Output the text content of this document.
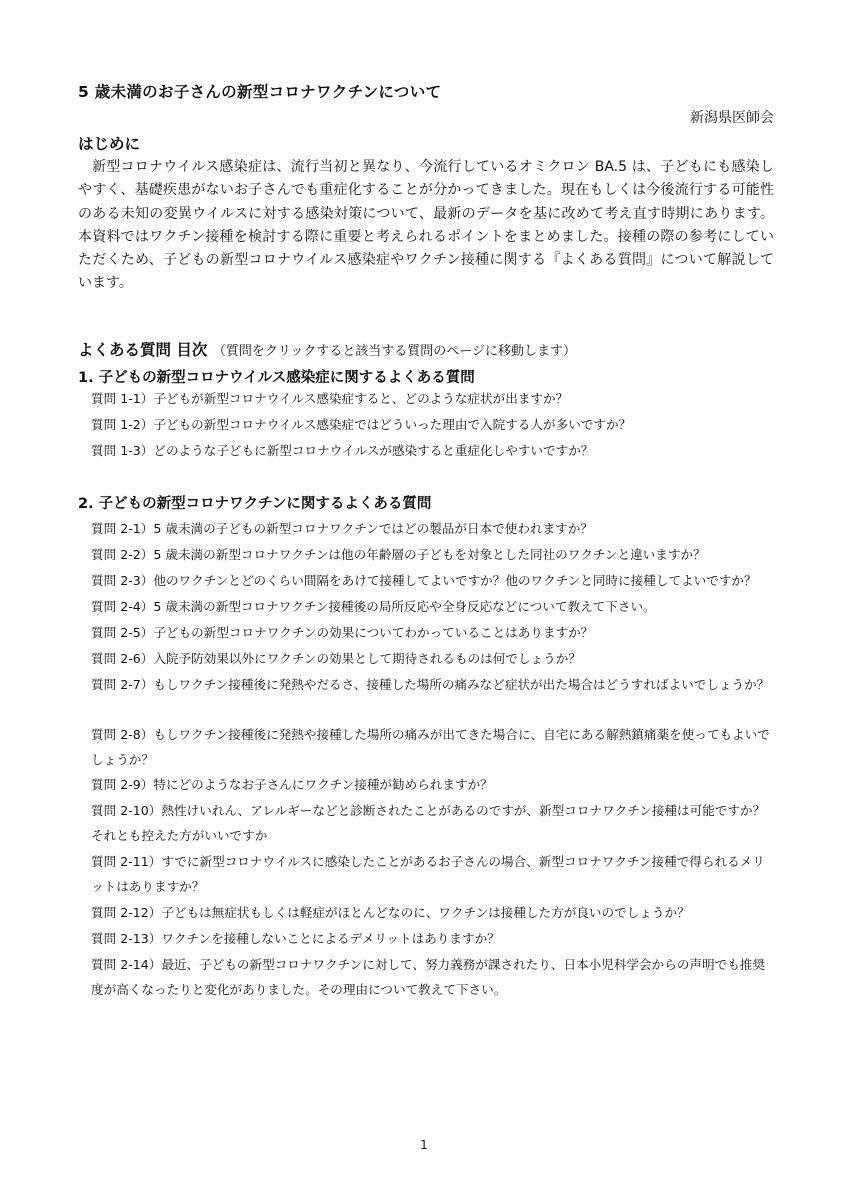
5 歳未満のお子さんの新型コロナワクチンについて
新潟県医師会
はじめに

新型コロナウイルス感染症は、流行当初と異なり、今流行しているオミクロン BA.5 は、子どもにも感染しやすく、基礎疾患がないお子さんでも重症化することが分かってきました。現在もしくは今後流行する可能性のある未知の変異ウイルスに対する感染対策について、最新のデータを基に改めて考え直す時期にあります。本資料ではワクチン接種を検討する際に重要と考えられるポイントをまとめました。接種の際の参考にしていただくため、子どもの新型コロナウイルス感染症やワクチン接種に関する『よくある質問』について解説しています。

よくある質問 目次 （質問をクリックすると該当する質問のページに移動します）
1. 子どもの新型コロナウイルス感染症に関するよくある質問
質問 1-1）子どもが新型コロナウイルス感染症すると、どのような症状が出ますか？
質問 1-2）子どもの新型コロナウイルス感染症ではどういった理由で入院する人が多いですか？
質問 1-3）どのような子どもに新型コロナウイルスが感染すると重症化しやすいですか？
2. 子どもの新型コロナワクチンに関するよくある質問
質問 2-1）5 歳未満の子どもの新型コロナワクチンではどの製品が日本で使われますか？
質問 2-2）5 歳未満の新型コロナワクチンは他の年齢層の子どもを対象とした同社のワクチンと違いますか？
質問 2-3）他のワクチンとどのくらい間隔をあけて接種してよいですか？他のワクチンと同時に接種してよいですか？
質問 2-4）5 歳未満の新型コロナワクチン接種後の局所反応や全身反応などについて教えて下さい。
質問 2-5）子どもの新型コロナワクチンの効果についてわかっていることはありますか？
質問 2-6）入院予防効果以外にワクチンの効果として期待されるものは何でしょうか？
質問 2-7）もしワクチン接種後に発熱やだるさ、接種した場所の痛みなど症状が出た場合はどうすればよいでしょうか？
質問 2-8）もしワクチン接種後に発熱や接種した場所の痛みが出てきた場合に、自宅にある解熱鎮痛薬を使ってもよいでしょうか？
質問 2-9）特にどのようなお子さんにワクチン接種が勧められますか？
質問 2-10）熱性けいれん、アレルギーなどと診断されたことがあるのですが、新型コロナワクチン接種は可能ですか？それとも控えた方がいいですか
質問 2-11）すでに新型コロナウイルスに感染したことがあるお子さんの場合、新型コロナワクチン接種で得られるメリットはありますか？
質問 2-12）子どもは無症状もしくは軽症がほとんどなのに、ワクチンは接種した方が良いのでしょうか？
質問 2-13）ワクチンを接種しないことによるデメリットはありますか？
質問 2-14）最近、子どもの新型コロナワクチンに対して、努力義務が課されたり、日本小児科学会からの声明でも推奨度が高くなったりと変化がありました。その理由について教えて下さい。
1
